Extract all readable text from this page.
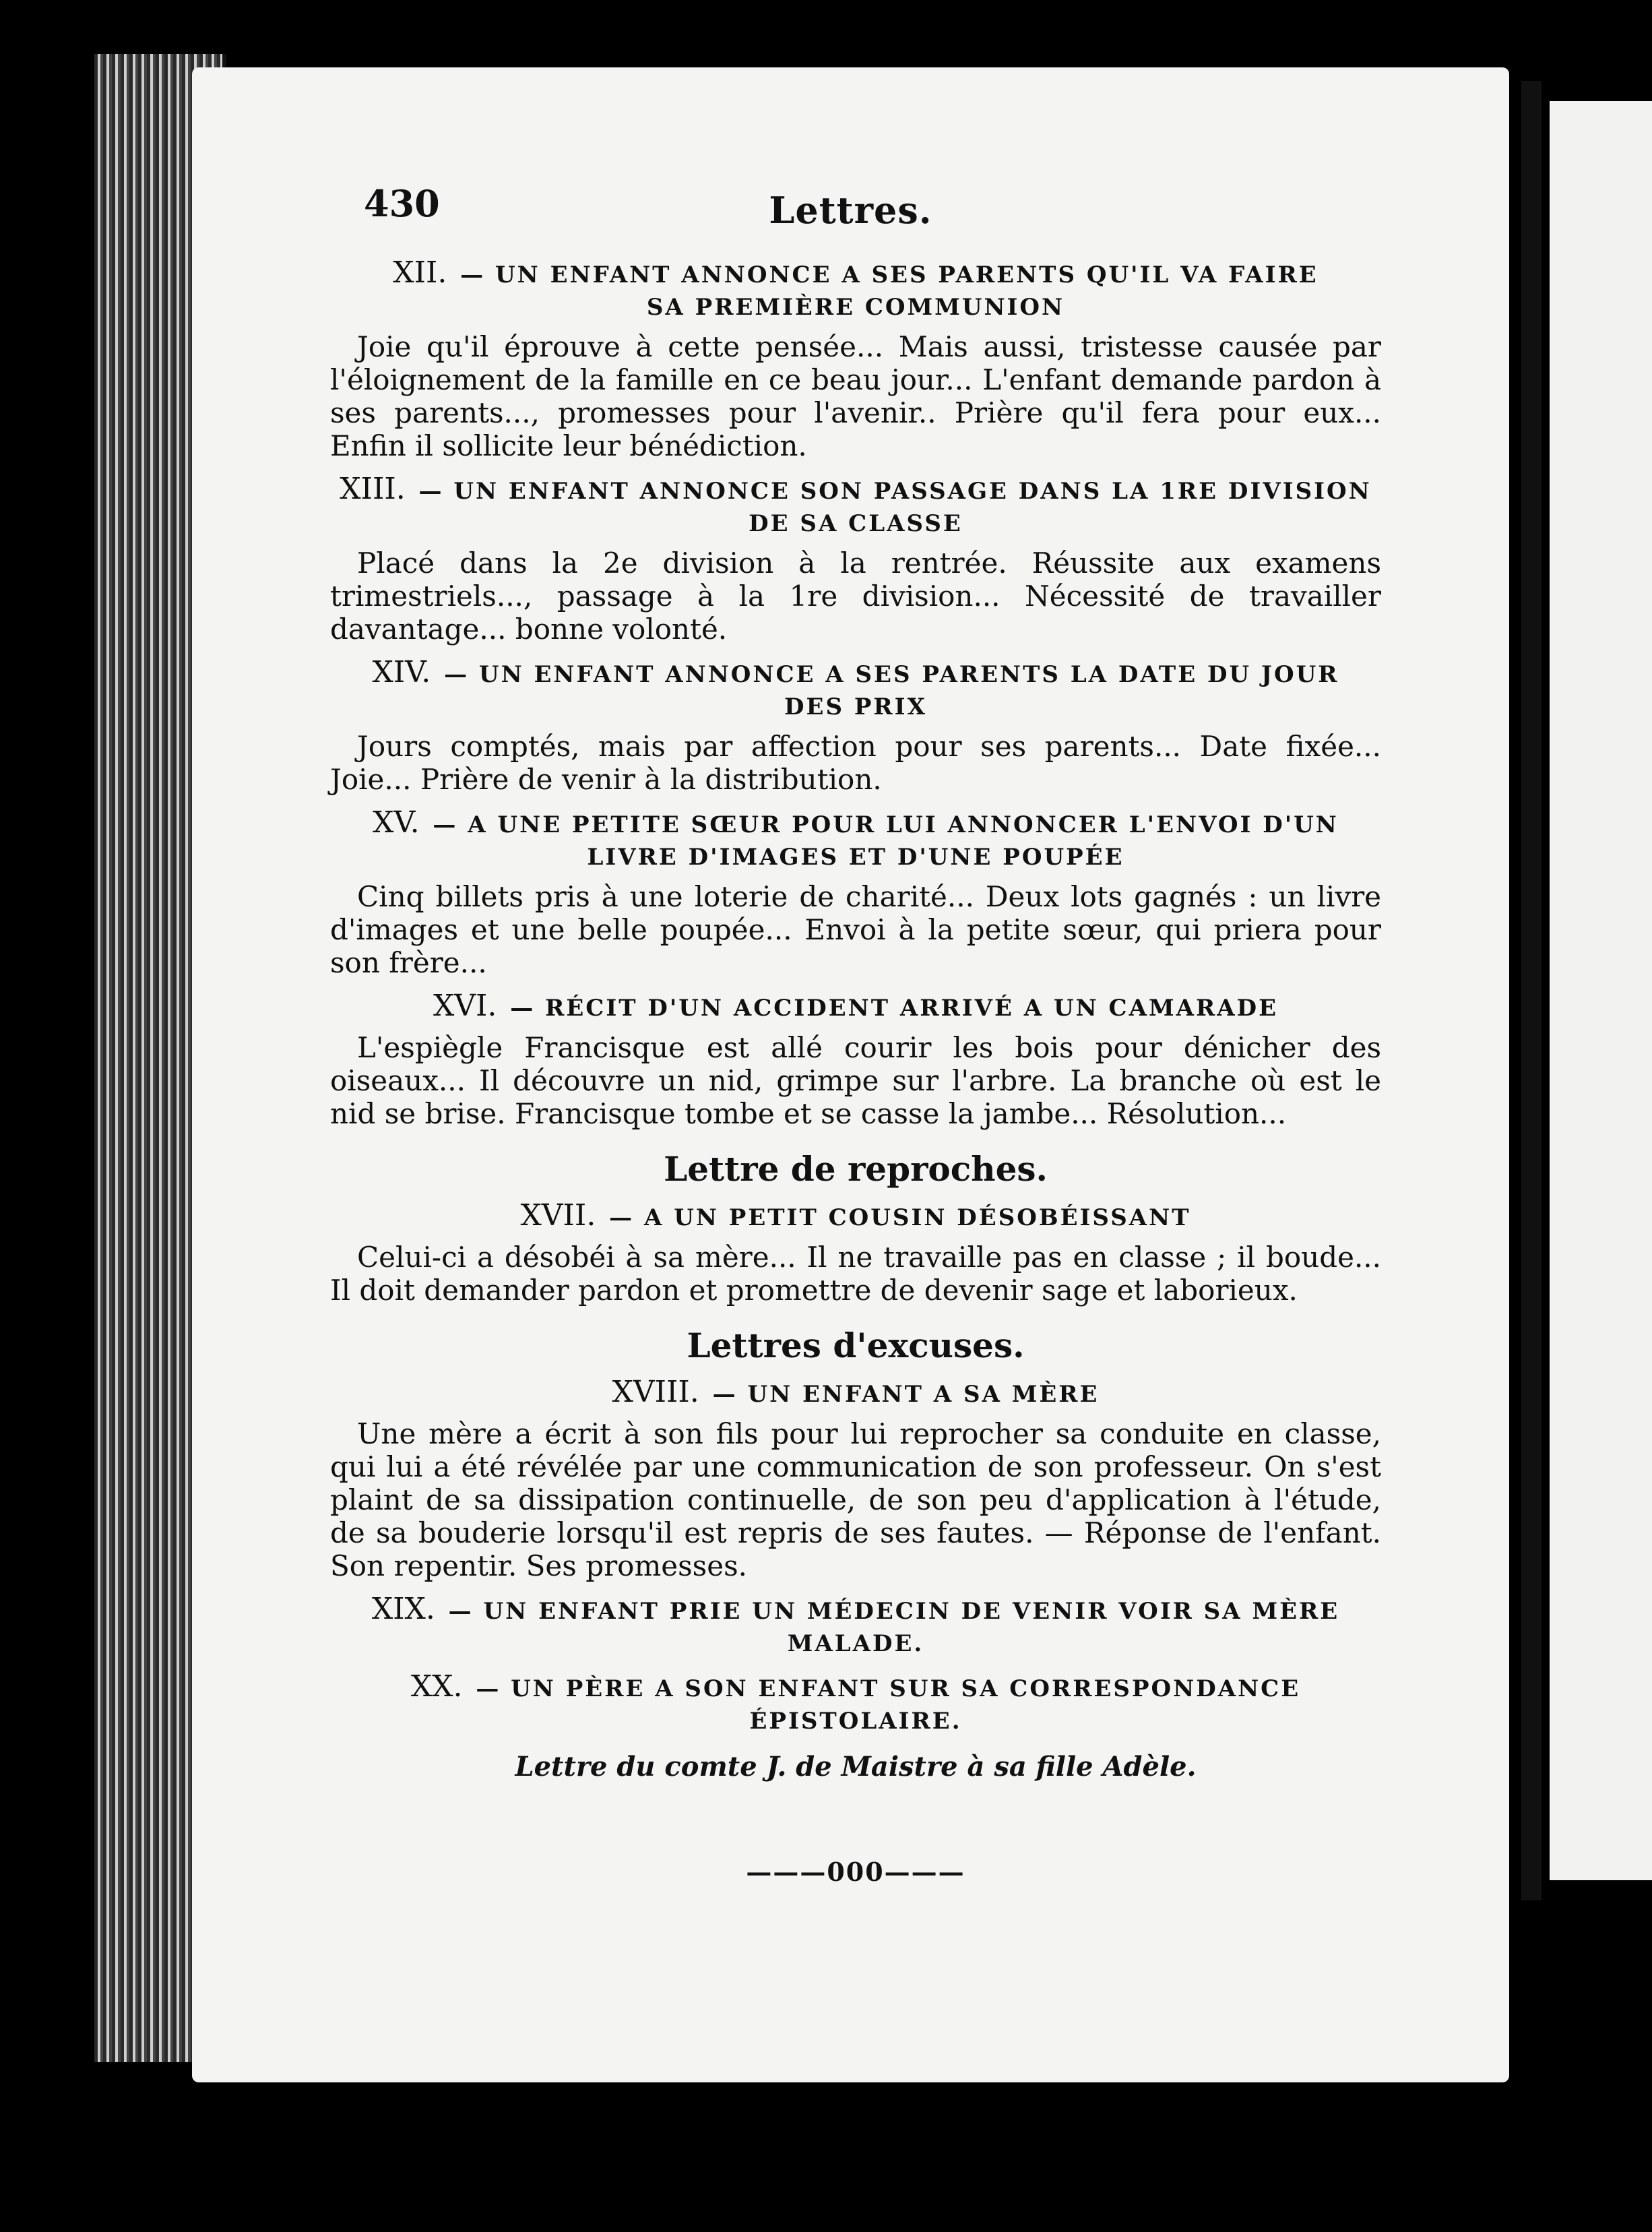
430	Lettres.
XII. — UN ENFANT ANNONCE A SES PARENTS QU'IL VA FAIRE
SA PREMIÈRE COMMUNION
Joie qu'il éprouve à cette pensée... Mais aussi, tristesse causée par l'éloignement de la famille en ce beau jour... L'enfant demande pardon à ses parents..., promesses pour l'avenir.. Prière qu'il fera pour eux... Enfin il sollicite leur bénédiction.
XIII. — UN ENFANT ANNONCE SON PASSAGE DANS LA 1RE DIVISION
DE SA CLASSE
Placé dans la 2e division à la rentrée. Réussite aux examens trimestriels..., passage à la 1re division... Nécessité de travailler davantage... bonne volonté.
XIV. — UN ENFANT ANNONCE A SES PARENTS LA DATE DU JOUR
DES PRIX
Jours comptés, mais par affection pour ses parents... Date fixée... Joie... Prière de venir à la distribution.
XV. — A UNE PETITE SŒUR POUR LUI ANNONCER L'ENVOI D'UN
LIVRE D'IMAGES ET D'UNE POUPÉE
Cinq billets pris à une loterie de charité... Deux lots gagnés : un livre d'images et une belle poupée... Envoi à la petite sœur, qui priera pour son frère...
XVI. — RÉCIT D'UN ACCIDENT ARRIVÉ A UN CAMARADE
L'espiègle Francisque est allé courir les bois pour dénicher des oiseaux... Il découvre un nid, grimpe sur l'arbre. La branche où est le nid se brise. Francisque tombe et se casse la jambe... Résolution...
Lettre de reproches.
XVII. — A UN PETIT COUSIN DÉSOBÉISSANT
Celui-ci a désobéi à sa mère... Il ne travaille pas en classe ; il boude... Il doit demander pardon et promettre de devenir sage et laborieux.
Lettres d'excuses.
XVIII. — UN ENFANT A SA MÈRE
Une mère a écrit à son fils pour lui reprocher sa conduite en classe, qui lui a été révélée par une communication de son professeur. On s'est plaint de sa dissipation continuelle, de son peu d'application à l'étude, de sa bouderie lorsqu'il est repris de ses fautes. — Réponse de l'enfant. Son repentir. Ses promesses.
XIX. — UN ENFANT PRIE UN MÉDECIN DE VENIR VOIR SA MÈRE MALADE.
XX. — UN PÈRE A SON ENFANT SUR SA CORRESPONDANCE ÉPISTOLAIRE.
Lettre du comte J. de Maistre à sa fille Adèle.
———000———
